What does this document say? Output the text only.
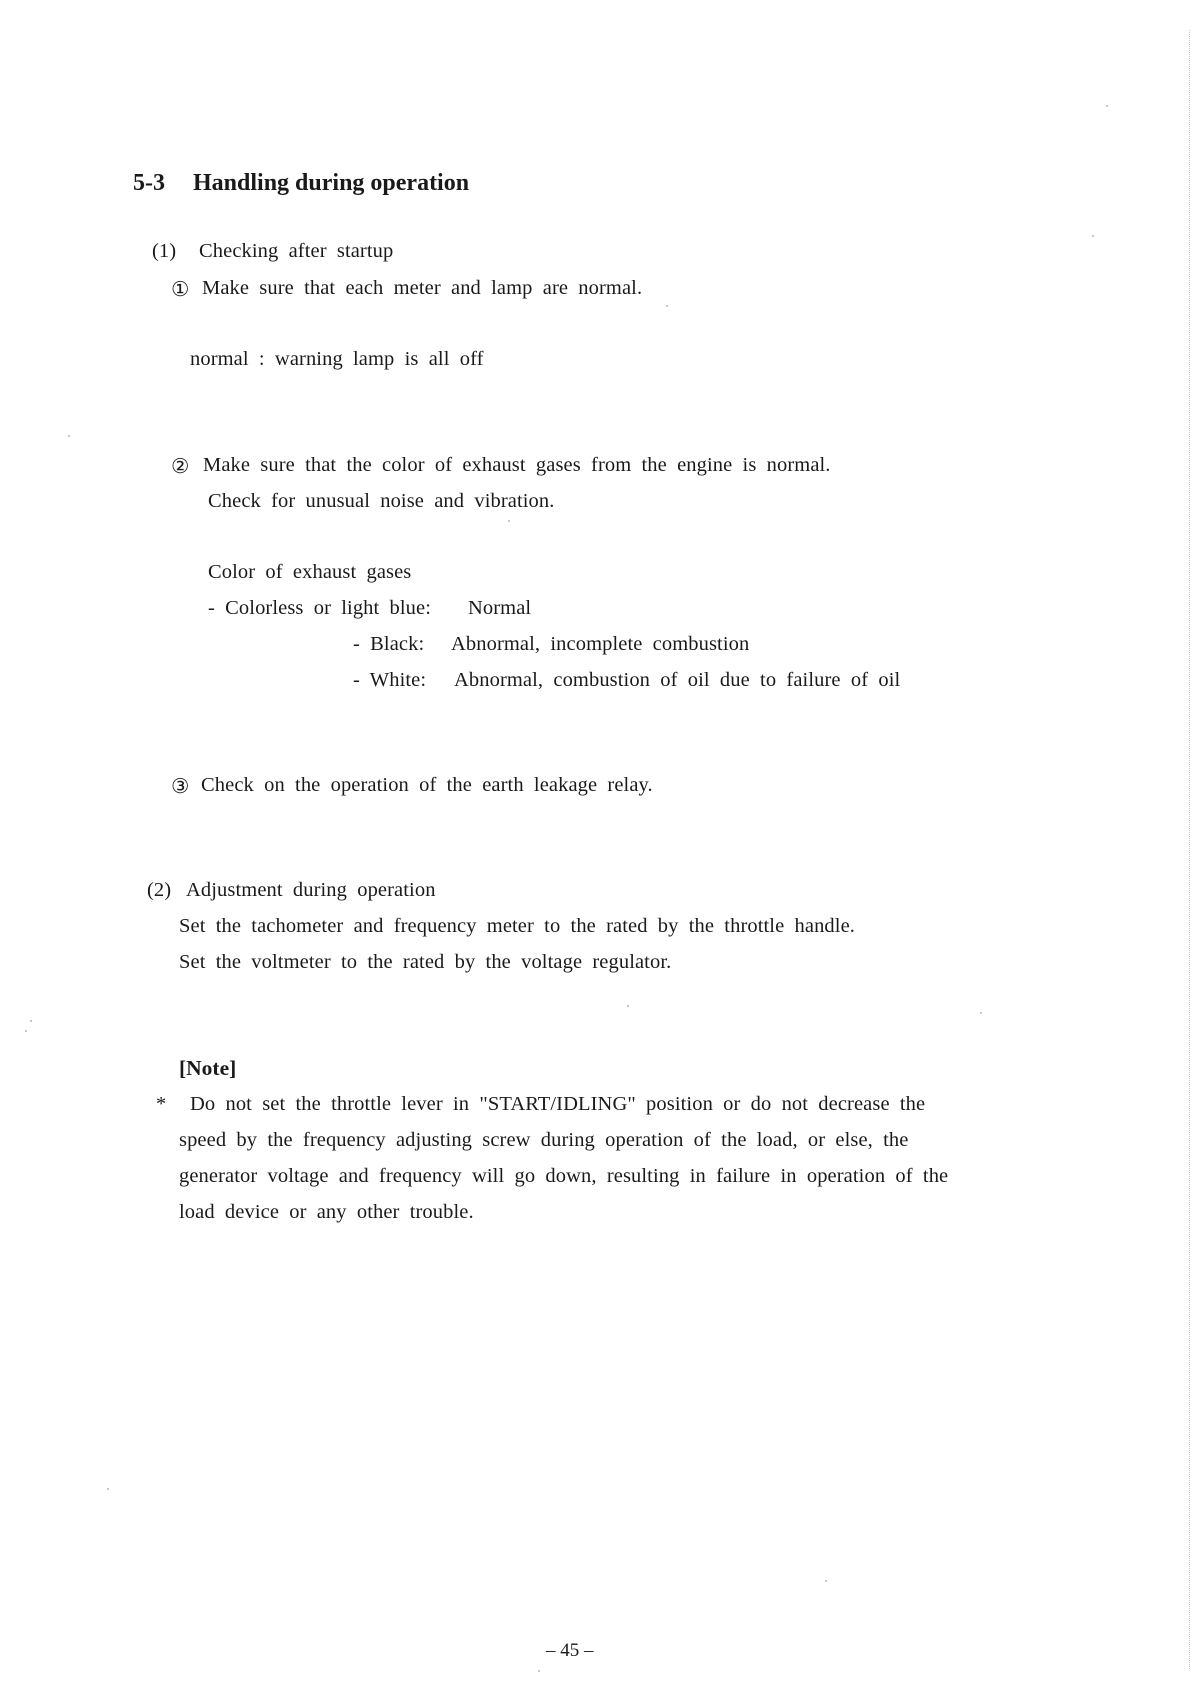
5-3 Handling during operation
(1) Checking after startup
① Make sure that each meter and lamp are normal.
normal : warning lamp is all off
② Make sure that the color of exhaust gases from the engine is normal.
Check for unusual noise and vibration.
Color of exhaust gases
- Colorless or light blue: Normal
- Black: Abnormal, incomplete combustion
- White: Abnormal, combustion of oil due to failure of oil
③ Check on the operation of the earth leakage relay.
(2) Adjustment during operation
Set the tachometer and frequency meter to the rated by the throttle handle.
Set the voltmeter to the rated by the voltage regulator.
[Note]
* Do not set the throttle lever in "START/IDLING" position or do not decrease the
speed by the frequency adjusting screw during operation of the load, or else, the
generator voltage and frequency will go down, resulting in failure in operation of the
load device or any other trouble.
– 45 –
